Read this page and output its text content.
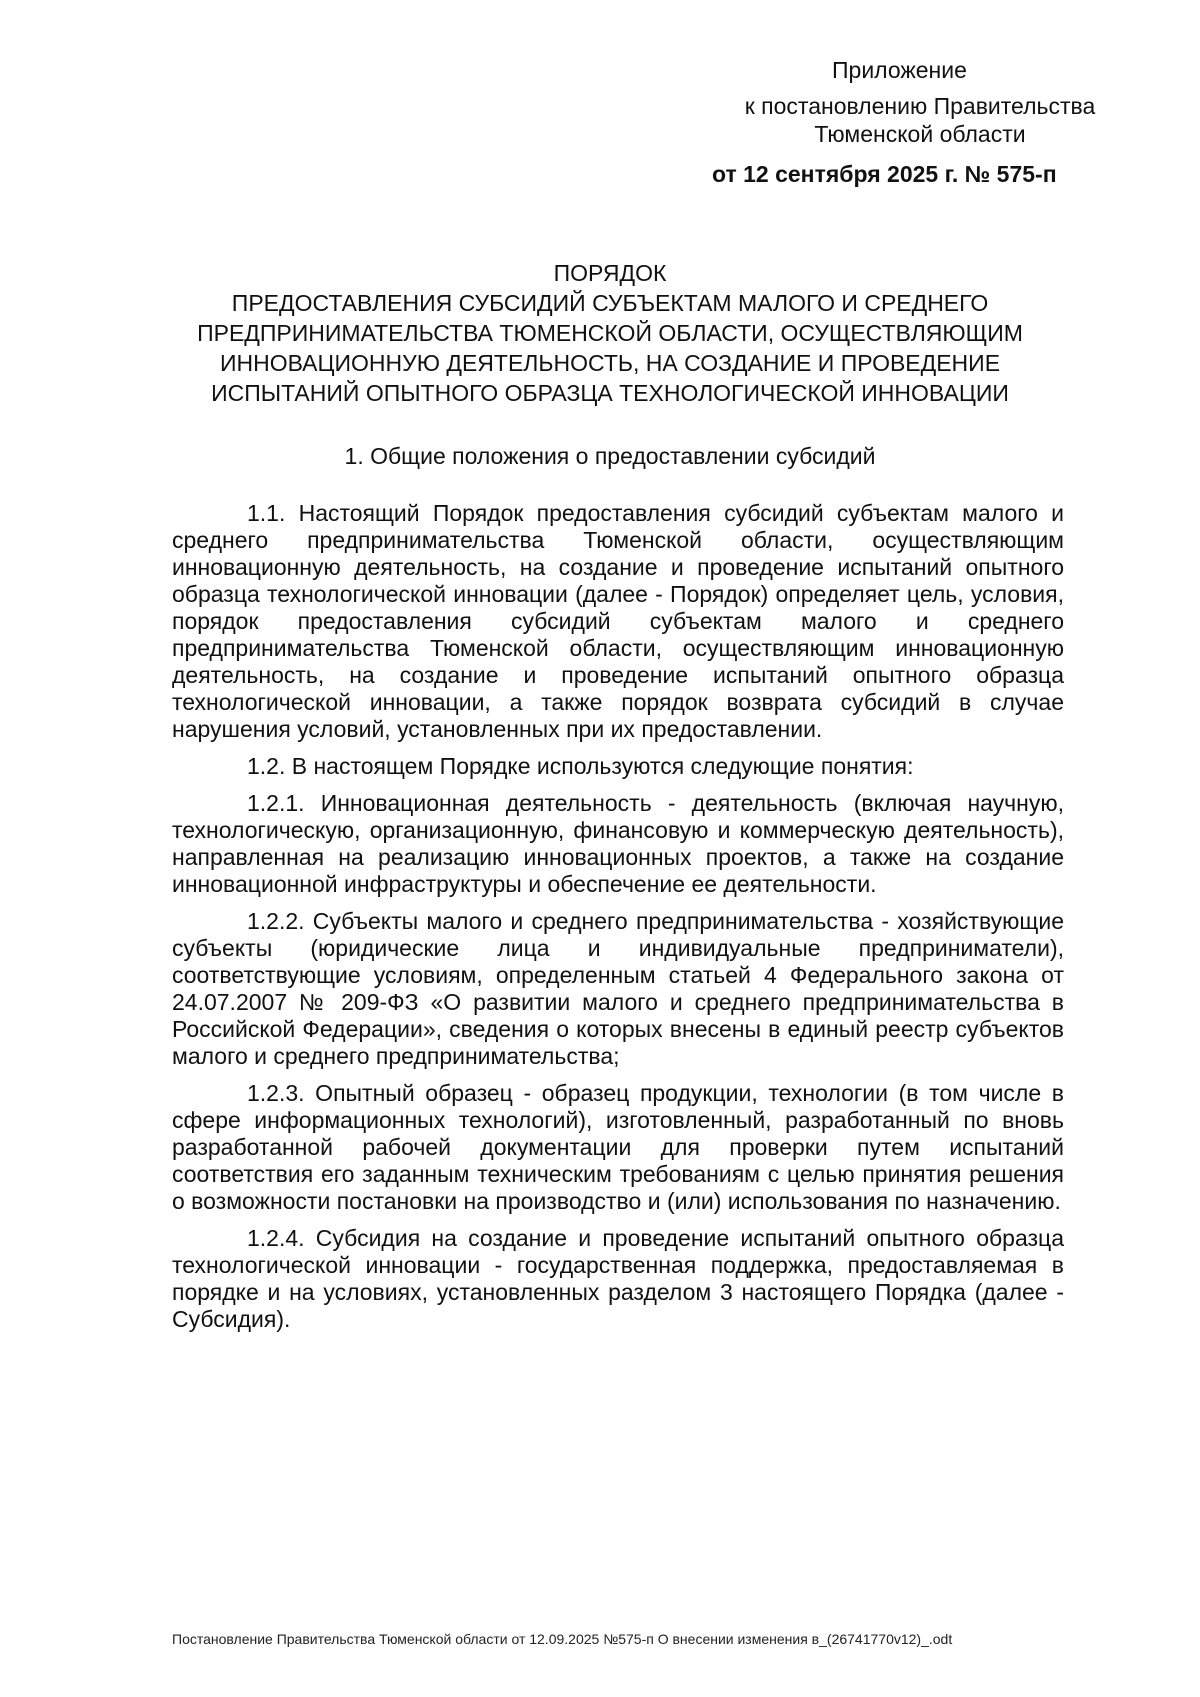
Приложение

к постановлению Правительства Тюменской области

от 12 сентября 2025 г. № 575-п

ПОРЯДОК
ПРЕДОСТАВЛЕНИЯ СУБСИДИЙ СУБЪЕКТАМ МАЛОГО И СРЕДНЕГО
ПРЕДПРИНИМАТЕЛЬСТВА ТЮМЕНСКОЙ ОБЛАСТИ, ОСУЩЕСТВЛЯЮЩИМ
ИННОВАЦИОННУЮ ДЕЯТЕЛЬНОСТЬ, НА СОЗДАНИЕ И ПРОВЕДЕНИЕ
ИСПЫТАНИЙ ОПЫТНОГО ОБРАЗЦА ТЕХНОЛОГИЧЕСКОЙ ИННОВАЦИИ
1. Общие положения о предоставлении субсидий

1.1. Настоящий Порядок предоставления субсидий субъектам малого и среднего предпринимательства Тюменской области, осуществляющим инновационную деятельность, на создание и проведение испытаний опытного образца технологической инновации (далее - Порядок) определяет цель, условия, порядок предоставления субсидий субъектам малого и среднего предпринимательства Тюменской области, осуществляющим инновационную деятельность, на создание и проведение испытаний опытного образца технологической инновации, а также порядок возврата субсидий в случае нарушения условий, установленных при их предоставлении.

1.2. В настоящем Порядке используются следующие понятия:

1.2.1. Инновационная деятельность - деятельность (включая научную, технологическую, организационную, финансовую и коммерческую деятельность), направленная на реализацию инновационных проектов, а также на создание инновационной инфраструктуры и обеспечение ее деятельности.

1.2.2. Субъекты малого и среднего предпринимательства - хозяйствующие субъекты (юридические лица и индивидуальные предприниматели), соответствующие условиям, определенным статьей 4 Федерального закона от 24.07.2007 № 209-ФЗ «О развитии малого и среднего предпринимательства в Российской Федерации», сведения о которых внесены в единый реестр субъектов малого и среднего предпринимательства;

1.2.3. Опытный образец - образец продукции, технологии (в том числе в сфере информационных технологий), изготовленный, разработанный по вновь разработанной рабочей документации для проверки путем испытаний соответствия его заданным техническим требованиям с целью принятия решения о возможности постановки на производство и (или) использования по назначению.

1.2.4. Субсидия на создание и проведение испытаний опытного образца технологической инновации - государственная поддержка, предоставляемая в порядке и на условиях, установленных разделом 3 настоящего Порядка (далее - Субсидия).

Постановление Правительства Тюменской области от 12.09.2025 №575-п О внесении изменения в_(26741770v12)_.odt
